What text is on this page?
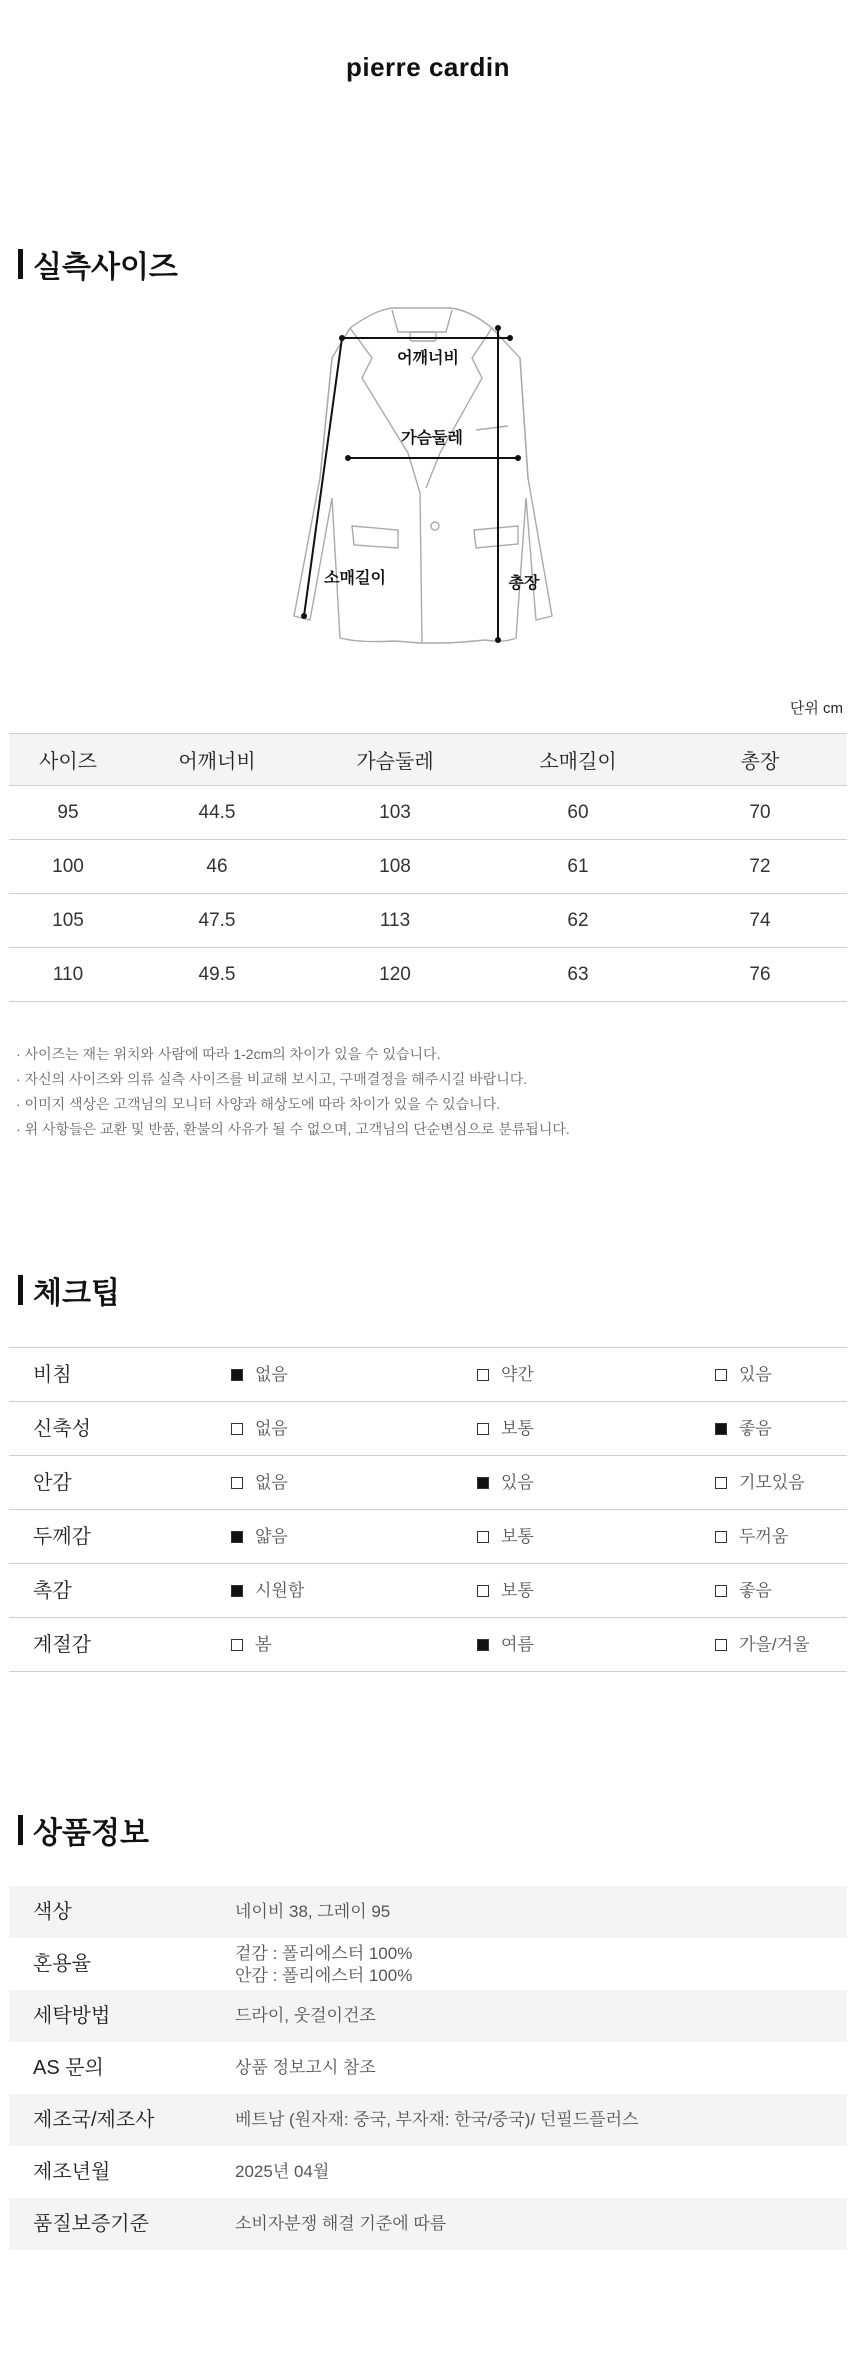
pierre cardin
실측사이즈
어깨너비
가슴둘레
소매길이	총장
단위 cm
사이즈	어깨너비	가슴둘레	소매길이	총장
95	44.5	103	60	70
100	46	108	61	72
105	47.5	113	62	74
110	49.5	120	63	76
· 사이즈는 재는 위치와 사람에 따라 1-2cm의 차이가 있을 수 있습니다.
· 자신의 사이즈와 의류 실측 사이즈를 비교해 보시고, 구매결정을 해주시길 바랍니다.
· 이미지 색상은 고객님의 모니터 사양과 해상도에 따라 차이가 있을 수 있습니다.
· 위 사항들은 교환 및 반품, 환불의 사유가 될 수 없으며, 고객님의 단순변심으로 분류됩니다.
체크팁
비침	없음	약간	있음
신축성	없음	보통	좋음
안감	없음	있음	기모있음
두께감	얇음	보통	두꺼움
촉감	시원함	보통	좋음
계절감	봄	여름	가을/겨울
상품정보
색상	네이비 38, 그레이 95
혼용율	겉감 : 폴리에스터 100%
안감 : 폴리에스터 100%
세탁방법	드라이, 웃걸이건조
AS 문의	상품 정보고시 참조
제조국/제조사	베트남 (원자재: 중국, 부자재: 한국/중국)/ 던필드플러스
제조년월	2025년 04월
품질보증기준	소비자분쟁 해결 기준에 따름
